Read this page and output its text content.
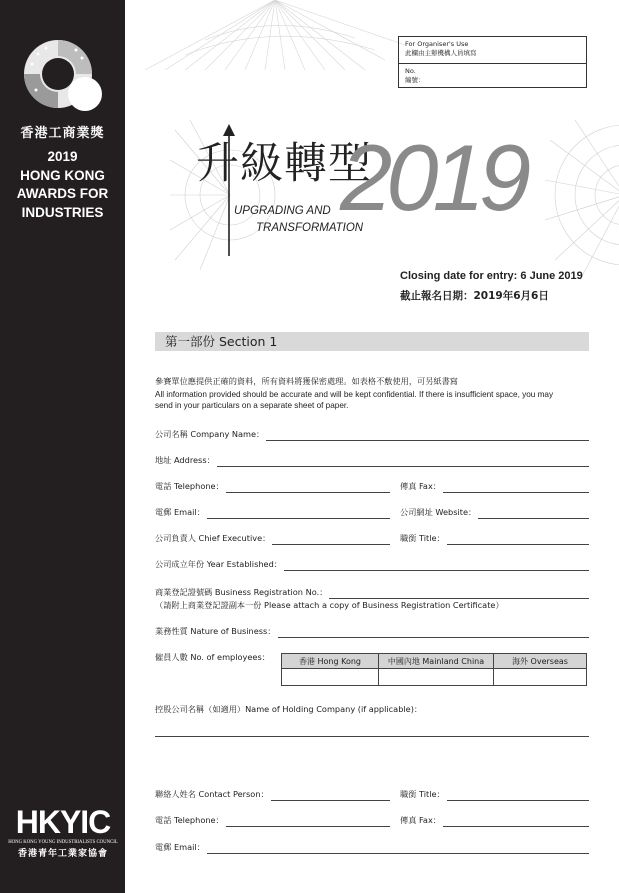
香港工商業獎
2019
HONG KONG
AWARDS FOR
INDUSTRIES
HKYIC
HONG KONG YOUNG INDUSTRIALISTS COUNCIL
香港青年工業家協會
For Organiser's Use
此欄由主辦機構人員填寫
No.
編號：
升級轉型
2019
UPGRADING AND
TRANSFORMATION
Closing date for entry: 6 June 2019
截止報名日期：2019年6月6日
第一部份 Section 1
參賽單位應提供正確的資料，所有資料將獲保密處理。如表格不敷使用，可另紙書寫
All information provided should be accurate and will be kept confidential. If there is insufficient space, you may
send in your particulars on a separate sheet of paper.
公司名稱 Company Name：
地址 Address：
電話 Telephone：	傳真 Fax：
電郵 Email：	公司網址 Website：
公司負責人 Chief Executive：	職銜 Title：
公司成立年份 Year Established：
商業登記證號碼 Business Registration No.：
（請附上商業登記證副本一份 Please attach a copy of Business Registration Certificate）
業務性質 Nature of Business：
僱員人數 No. of employees：	香港 Hong Kong	中國內地 Mainland China	海外 Overseas

控股公司名稱（如適用）Name of Holding Company (if applicable)：
聯絡人姓名 Contact Person：	職銜 Title：
電話 Telephone：	傳真 Fax：
電郵 Email：
